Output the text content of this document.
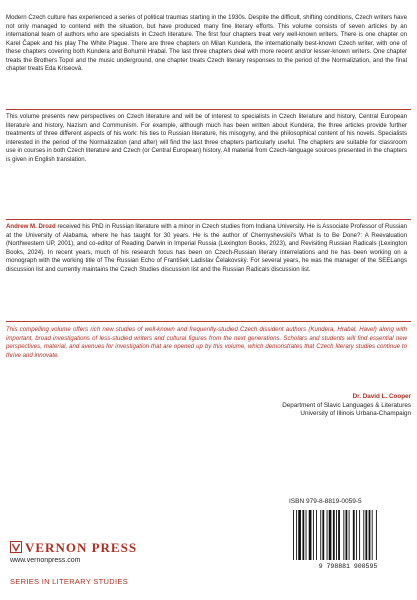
Modern Czech culture has experienced a series of political traumas starting in the 1930s. Despite the difficult, shifting conditions, Czech writers have not only managed to contend with the situation, but have produced many fine literary efforts. This volume consists of seven articles by an international team of authors who are specialists in Czech literature. The first four chapters treat very well-known writers. There is one chapter on Karel Čapek and his play The White Plague. There are three chapters on Milan Kundera, the internationally best-known Czech writer, with one of these chapters covering both Kundera and Bohumil Hrabal. The last three chapters deal with more recent and/or lesser-known writers. One chapter treats the Brothers Topol and the music underground, one chapter treats Czech literary responses to the period of the Normalization, and the final chapter treats Eda Kriseová.

This volume presents new perspectives on Czech literature and will be of interest to specialists in Czech literature and history, Central European literature and history, Nazism and Communism. For example, although much has been written about Kundera, the three articles provide further treatments of three different aspects of his work: his ties to Russian literature, his misogyny, and the philosophical content of his novels. Specialists interested in the period of the Normalization (and after) will find the last three chapters particularly useful. The chapters are suitable for classroom use in courses in both Czech literature and Czech (or Central European) history. All material from Czech-language sources presented in the chapters is given in English translation.

Andrew M. Drozd received his PhD in Russian literature with a minor in Czech studies from Indiana University. He is Associate Professor of Russian at the University of Alabama, where he has taught for 30 years. He is the author of Chernyshevskii's What Is to Be Done?: A Reevaluation (Northwestern UP, 2001), and co-editor of Reading Darwin in Imperial Russia (Lexington Books, 2023), and Revisiting Russian Radicals (Lexington Books, 2024). In recent years, much of his research focus has been on Czech-Russian literary interrelations and he has been working on a monograph with the working title of The Russian Echo of František Ladislav Čelakovský. For several years, he was the manager of the SEELangs discussion list and currently maintains the Czech Studies discussion list and the Russian Radicals discussion list.

This compelling volume offers rich new studies of well-known and frequently-studied Czech dissident authors (Kundera, Hrabal, Havel) along with important, broad investigations of less-studied writers and cultural figures from the next generations. Scholars and students will find essential new perspectives, material, and avenues for investigation that are opened up by this volume, which demonstrates that Czech literary studies continue to thrive and innovate.

Dr. David L. Cooper
Department of Slavic Languages & Literatures
University of Illinois Urbana-Champaign
ISBN 979-8-8819-0059-5
9 798881 900595
VERNON PRESS
www.vernonpress.com
SERIES IN LITERARY STUDIES
